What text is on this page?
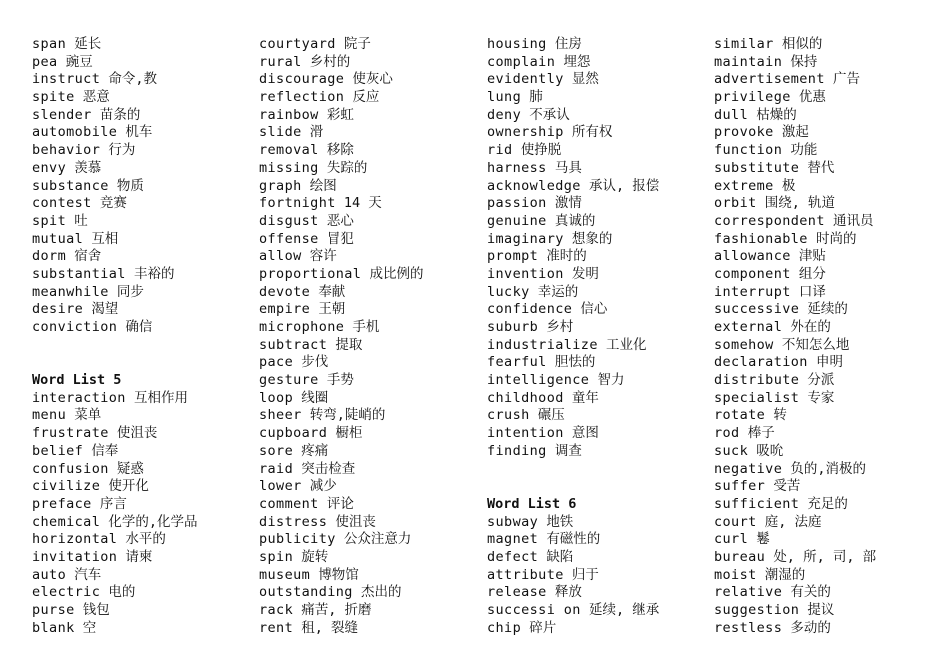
span 延长
pea 豌豆
instruct 命令,教
spite 恶意
slender 苗条的
automobile 机车
behavior 行为
envy 羡慕
substance 物质
contest 竞赛
spit 吐
mutual 互相
dorm 宿舍
substantial 丰裕的
meanwhile 同步
desire 渴望
conviction 确信
Word List 5
interaction 互相作用
menu 菜单
frustrate 使沮丧
belief 信奉
confusion 疑惑
civilize 使开化
preface 序言
chemical 化学的,化学品
horizontal 水平的
invitation 请柬
auto 汽车
electric 电的
purse 钱包
blank 空
courtyard 院子
rural 乡村的
discourage 使灰心
reflection 反应
rainbow 彩虹
slide 滑
removal 移除
missing 失踪的
graph 绘图
fortnight 14 天
disgust 恶心
offense 冒犯
allow 容许
proportional 成比例的
devote 奉献
empire 王朝
microphone 手机
subtract 提取
pace 步伐
gesture 手势
loop 线圈
sheer 转弯,陡峭的
cupboard 橱柜
sore 疼痛
raid 突击检查
lower 减少
comment 评论
distress 使沮丧
publicity 公众注意力
spin 旋转
museum 博物馆
outstanding 杰出的
rack 痛苦, 折磨
rent 租, 裂缝
housing 住房
complain 埋怨
evidently 显然
lung 肺
deny 不承认
ownership 所有权
rid 使挣脱
harness 马具
acknowledge 承认, 报偿
passion 激情
genuine 真诚的
imaginary 想象的
prompt 准时的
invention 发明
lucky 幸运的
confidence 信心
suburb 乡村
industrialize 工业化
fearful 胆怯的
intelligence 智力
childhood 童年
crush 碾压
intention 意图
finding 调查
Word List 6
subway 地铁
magnet 有磁性的
defect 缺陷
attribute 归于
release 释放
successi on 延续, 继承
chip 碎片
similar 相似的
maintain 保持
advertisement 广告
privilege 优惠
dull 枯燥的
provoke 激起
function 功能
substitute 替代
extreme 极
orbit 围绕, 轨道
correspondent 通讯员
fashionable 时尚的
allowance 津贴
component 组分
interrupt 口译
successive 延续的
external 外在的
somehow 不知怎么地
declaration 申明
distribute 分派
specialist 专家
rotate 转
rod 棒子
suck 吸吮
negative 负的,消极的
suffer 受苦
sufficient 充足的
court 庭, 法庭
curl 鬈
bureau 处, 所, 司, 部
moist 潮湿的
relative 有关的
suggestion 提议
restless 多动的
